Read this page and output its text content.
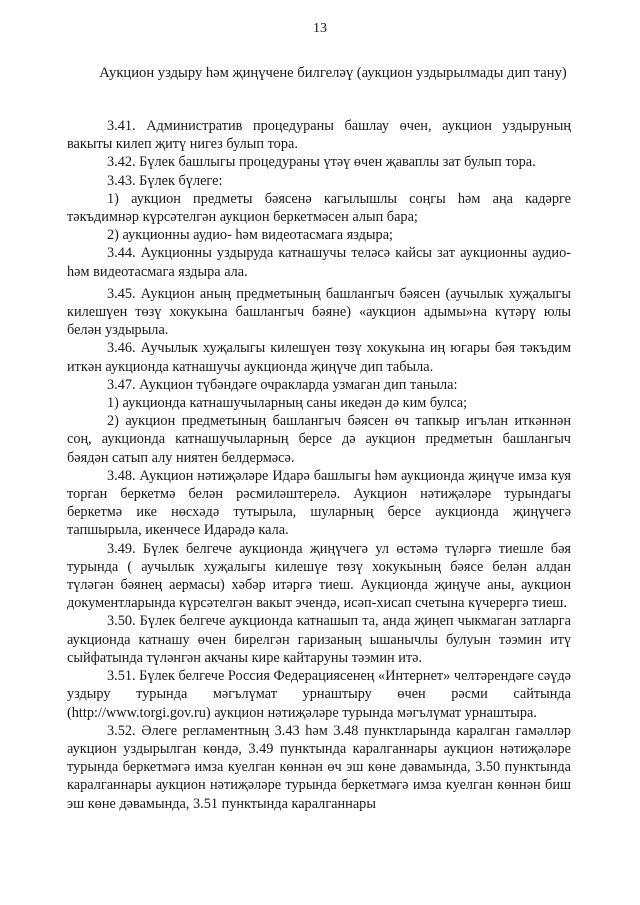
13
Аукцион уздыру һәм җиңүчене билгеләү (аукцион уздырылмады дип тану)

3.41. Административ процедураны башлау өчен, аукцион уздыруның вакыты килеп җитү нигез булып тора.

3.42. Бүлек башлыгы процедураны үтәү өчен җаваплы зат булып тора.

3.43. Бүлек бүлеге:

1) аукцион предметы бәясенә кагылышлы соңгы һәм аңа кадәрге тәкъдимнәр күрсәтелгән аукцион беркетмәсен алып бара;

2) аукционны аудио- һәм видеотасмага яздыра;

3.44. Аукционны уздыруда катнашучы теләсә кайсы зат аукционны аудио- һәм видеотасмага яздыра ала.

3.45. Аукцион аның предметының башлангыч бәясен (аучылык хуҗалыгы килешүен төзү хокукына башлангыч бәяне) «аукцион адымы»на күтәрү юлы белән уздырыла.

3.46. Аучылык хуҗалыгы килешүен төзү хокукына иң югары бәя тәкъдим иткән аукционда катнашучы аукционда җиңүче дип табыла.

3.47. Аукцион түбәндәге очракларда узмаган дип таныла:

1) аукционда катнашучыларның саны икедән дә ким булса;

2) аукцион предметының башлангыч бәясен өч тапкыр игълан иткәннән соң, аукционда катнашучыларның берсе дә аукцион предметын башлангыч бәядән сатып алу ниятен белдермәсә.

3.48. Аукцион нәтиҗәләре Идарә башлыгы һәм аукционда җиңүче имза куя торган беркетмә белән рәсмиләштерелә. Аукцион нәтиҗәләре турындагы беркетмә ике нөсхәдә тутырыла, шуларның берсе аукционда җиңүчегә тапшырыла, икенчесе Идарәдә кала.

3.49. Бүлек белгече аукционда җиңүчегә ул өстәмә түләргә тиешле бәя турында ( аучылык хуҗалыгы килешүе төзү хокукының бәясе белән алдан түләгән бәянең аермасы) хәбәр итәргә тиеш. Аукционда җиңүче аны, аукцион документларында күрсәтелгән вакыт эчендә, исәп-хисап счетына күчерергә тиеш.

3.50. Бүлек белгече аукционда катнашып та, анда җиңеп чыкмаган затларга аукционда катнашу өчен бирелгән гаризаның ышанычлы булуын тәэмин итү сыйфатында түләнгән акчаны кире кайтаруны тәэмин итә.

3.51. Бүлек белгече Россия Федерациясенең «Интернет» челтәрендәге сәүдә уздыру турында мәгълүмат урнаштыру өчен рәсми сайтында (http://www.torgi.gov.ru) аукцион нәтиҗәләре турында мәгълүмат урнаштыра.

3.52. Әлеге регламентның 3.43 һәм 3.48 пунктларында каралган гамәлләр аукцион уздырылган көндә, 3.49 пунктында каралганнары аукцион нәтиҗәләре турында беркетмәгә имза куелган көннән өч эш көне дәвамында, 3.50 пунктында каралганнары аукцион нәтиҗәләре турында беркетмәгә имза куелган көннән биш эш көне дәвамында, 3.51 пунктында каралганнары
